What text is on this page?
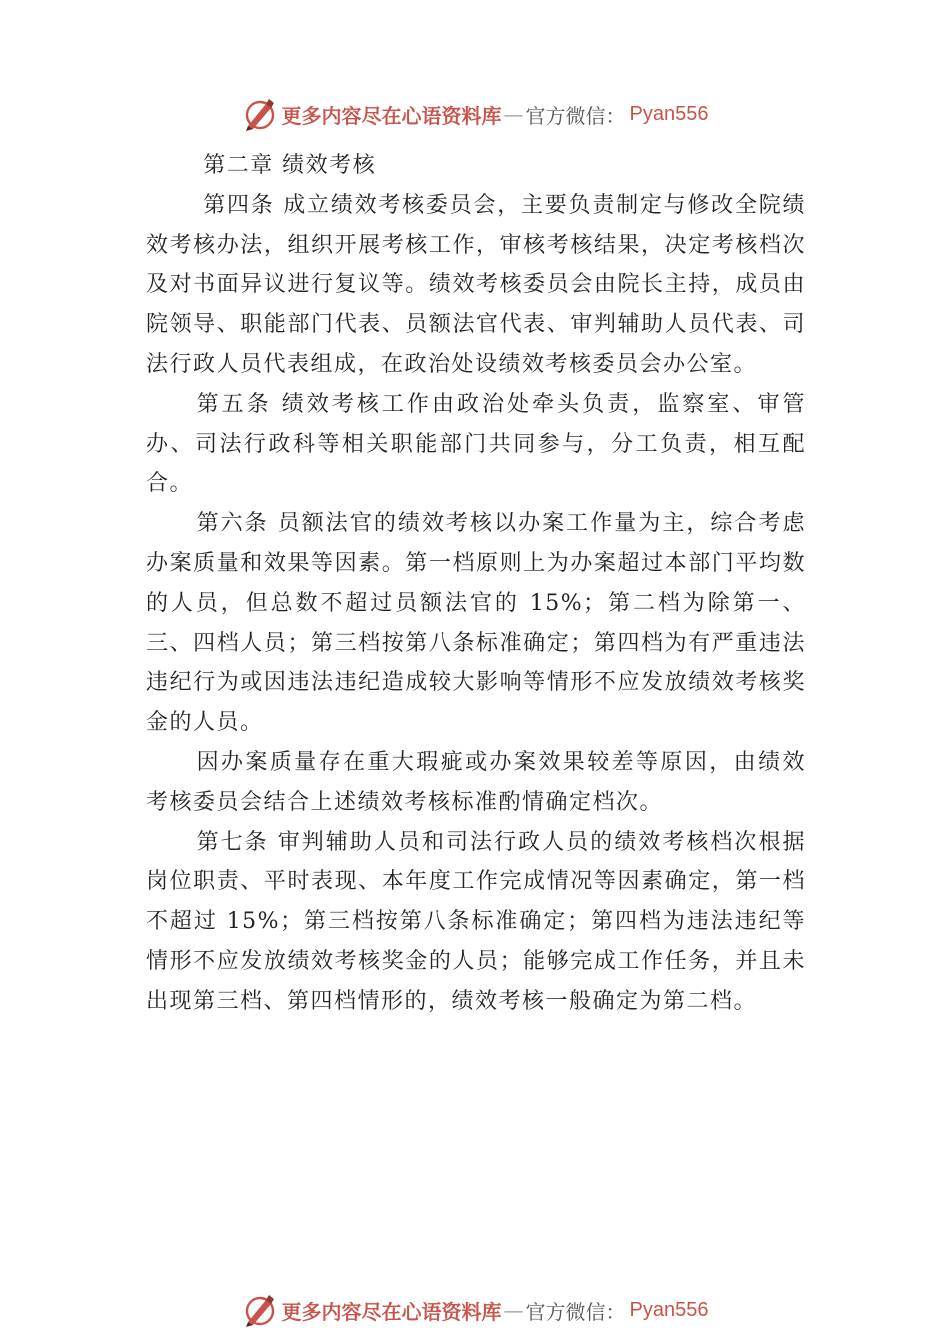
更多内容尽在心语资料库 — 官方微信： Pyan556

第二章 绩效考核

第四条 成立绩效考核委员会，主要负责制定与修改全院绩效考核办法，组织开展考核工作，审核考核结果，决定考核档次及对书面异议进行复议等。绩效考核委员会由院长主持，成员由院领导、职能部门代表、员额法官代表、审判辅助人员代表、司法行政人员代表组成，在政治处设绩效考核委员会办公室。

第五条 绩效考核工作由政治处牵头负责，监察室、审管办、司法行政科等相关职能部门共同参与，分工负责，相互配合。

第六条 员额法官的绩效考核以办案工作量为主，综合考虑办案质量和效果等因素。第一档原则上为办案超过本部门平均数的人员，但总数不超过员额法官的 15%；第二档为除第一、三、四档人员；第三档按第八条标准确定；第四档为有严重违法违纪行为或因违法违纪造成较大影响等情形不应发放绩效考核奖金的人员。

因办案质量存在重大瑕疵或办案效果较差等原因，由绩效考核委员会结合上述绩效考核标准酌情确定档次。

第七条 审判辅助人员和司法行政人员的绩效考核档次根据岗位职责、平时表现、本年度工作完成情况等因素确定，第一档不超过 15%；第三档按第八条标准确定；第四档为违法违纪等情形不应发放绩效考核奖金的人员；能够完成工作任务，并且未出现第三档、第四档情形的，绩效考核一般确定为第二档。

更多内容尽在心语资料库 — 官方微信： Pyan556
